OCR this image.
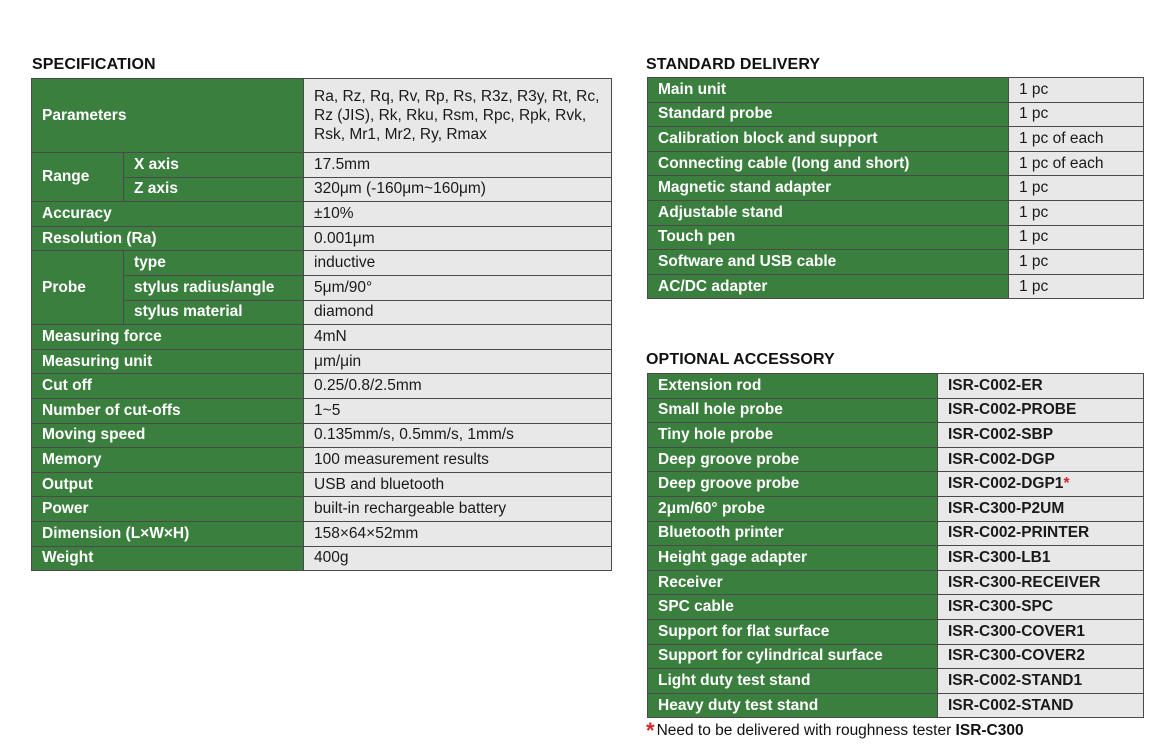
SPECIFICATION
Parameters		Ra, Rz, Rq, Rv, Rp, Rs, R3z, R3y, Rt, Rc, Rz (JIS), Rk, Rku, Rsm, Rpc, Rpk, Rvk, Rsk, Mr1, Mr2, Ry, Rmax
Range	X axis	17.5mm
	Z axis	320μm (-160μm~160μm)
Accuracy		±10%
Resolution (Ra)		0.001μm
Probe	type	inductive
	stylus radius/angle	5μm/90°
	stylus material	diamond
Measuring force		4mN
Measuring unit		μm/μin
Cut off		0.25/0.8/2.5mm
Number of cut-offs		1~5
Moving speed		0.135mm/s, 0.5mm/s, 1mm/s
Memory		100 measurement results
Output		USB and bluetooth
Power		built-in rechargeable battery
Dimension (L×W×H)		158×64×52mm
Weight		400g
STANDARD DELIVERY
Main unit	1 pc
Standard probe	1 pc
Calibration block and support	1 pc of each
Connecting cable (long and short)	1 pc of each
Magnetic stand adapter	1 pc
Adjustable stand	1 pc
Touch pen	1 pc
Software and USB cable	1 pc
AC/DC adapter	1 pc
OPTIONAL ACCESSORY
Extension rod	ISR-C002-ER
Small hole probe	ISR-C002-PROBE
Tiny hole probe	ISR-C002-SBP
Deep groove probe	ISR-C002-DGP
Deep groove probe	ISR-C002-DGP1*
2μm/60° probe	ISR-C300-P2UM
Bluetooth printer	ISR-C002-PRINTER
Height gage adapter	ISR-C300-LB1
Receiver	ISR-C300-RECEIVER
SPC cable	ISR-C300-SPC
Support for flat surface	ISR-C300-COVER1
Support for cylindrical surface	ISR-C300-COVER2
Light duty test stand	ISR-C002-STAND1
Heavy duty test stand	ISR-C002-STAND
* Need to be delivered with roughness tester ISR-C300
